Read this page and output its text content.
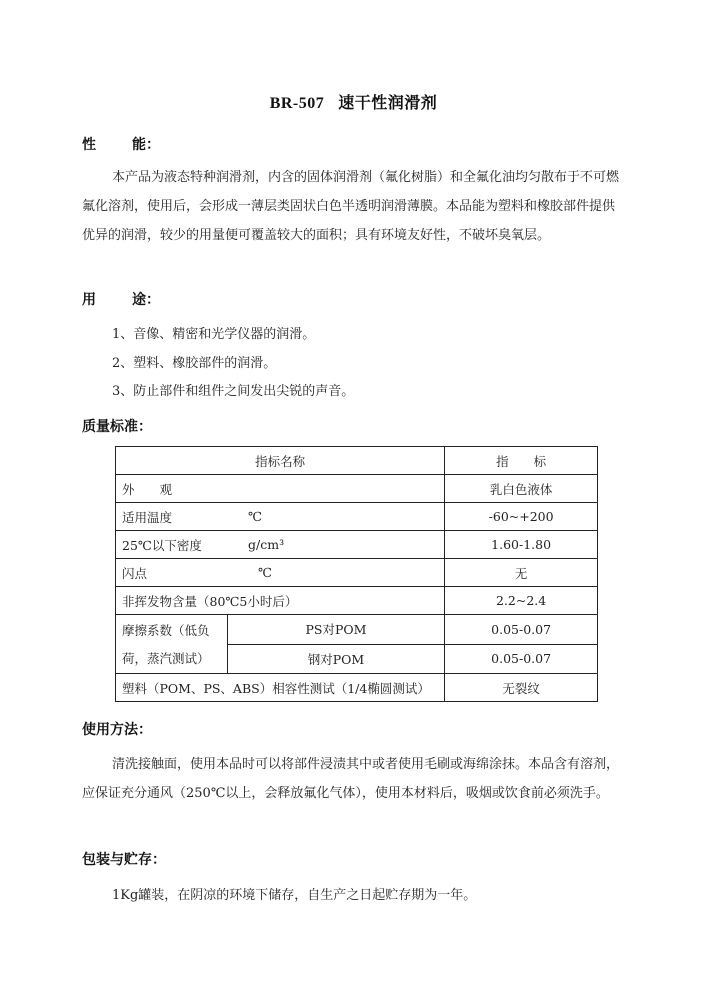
BR-507 速干性润滑剂
性	能：
本产品为液态特种润滑剂，内含的固体润滑剂（氟化树脂）和全氟化油均匀散布于不可燃氟化溶剂，使用后，会形成一薄层类固状白色半透明润滑薄膜。本品能为塑料和橡胶部件提供优异的润滑，较少的用量便可覆盖较大的面积；具有环境友好性，不破坏臭氧层。
用	途：
1、音像、精密和光学仪器的润滑。
2、塑料、橡胶部件的润滑。
3、防止部件和组件之间发出尖锐的声音。
质量标准：
指标名称		指　　标
外　　观		乳白色液体
适用温度 ℃		-60~+200
25℃以下密度 g/cm³		1.60-1.80
闪点 ℃		无
非挥发物含量（80℃5小时后）		2.2~2.4
摩擦系数（低负荷，蒸汽测试）	PS对POM	0.05-0.07
	钢对POM	0.05-0.07
塑料（POM、PS、ABS）相容性测试（1/4椭圆测试）		无裂纹
使用方法：
清洗接触面，使用本品时可以将部件浸渍其中或者使用毛刷或海绵涂抹。本品含有溶剂，应保证充分通风（250℃以上，会释放氟化气体），使用本材料后，吸烟或饮食前必须洗手。
包装与贮存：
1Kg罐装，在阴凉的环境下储存，自生产之日起贮存期为一年。
